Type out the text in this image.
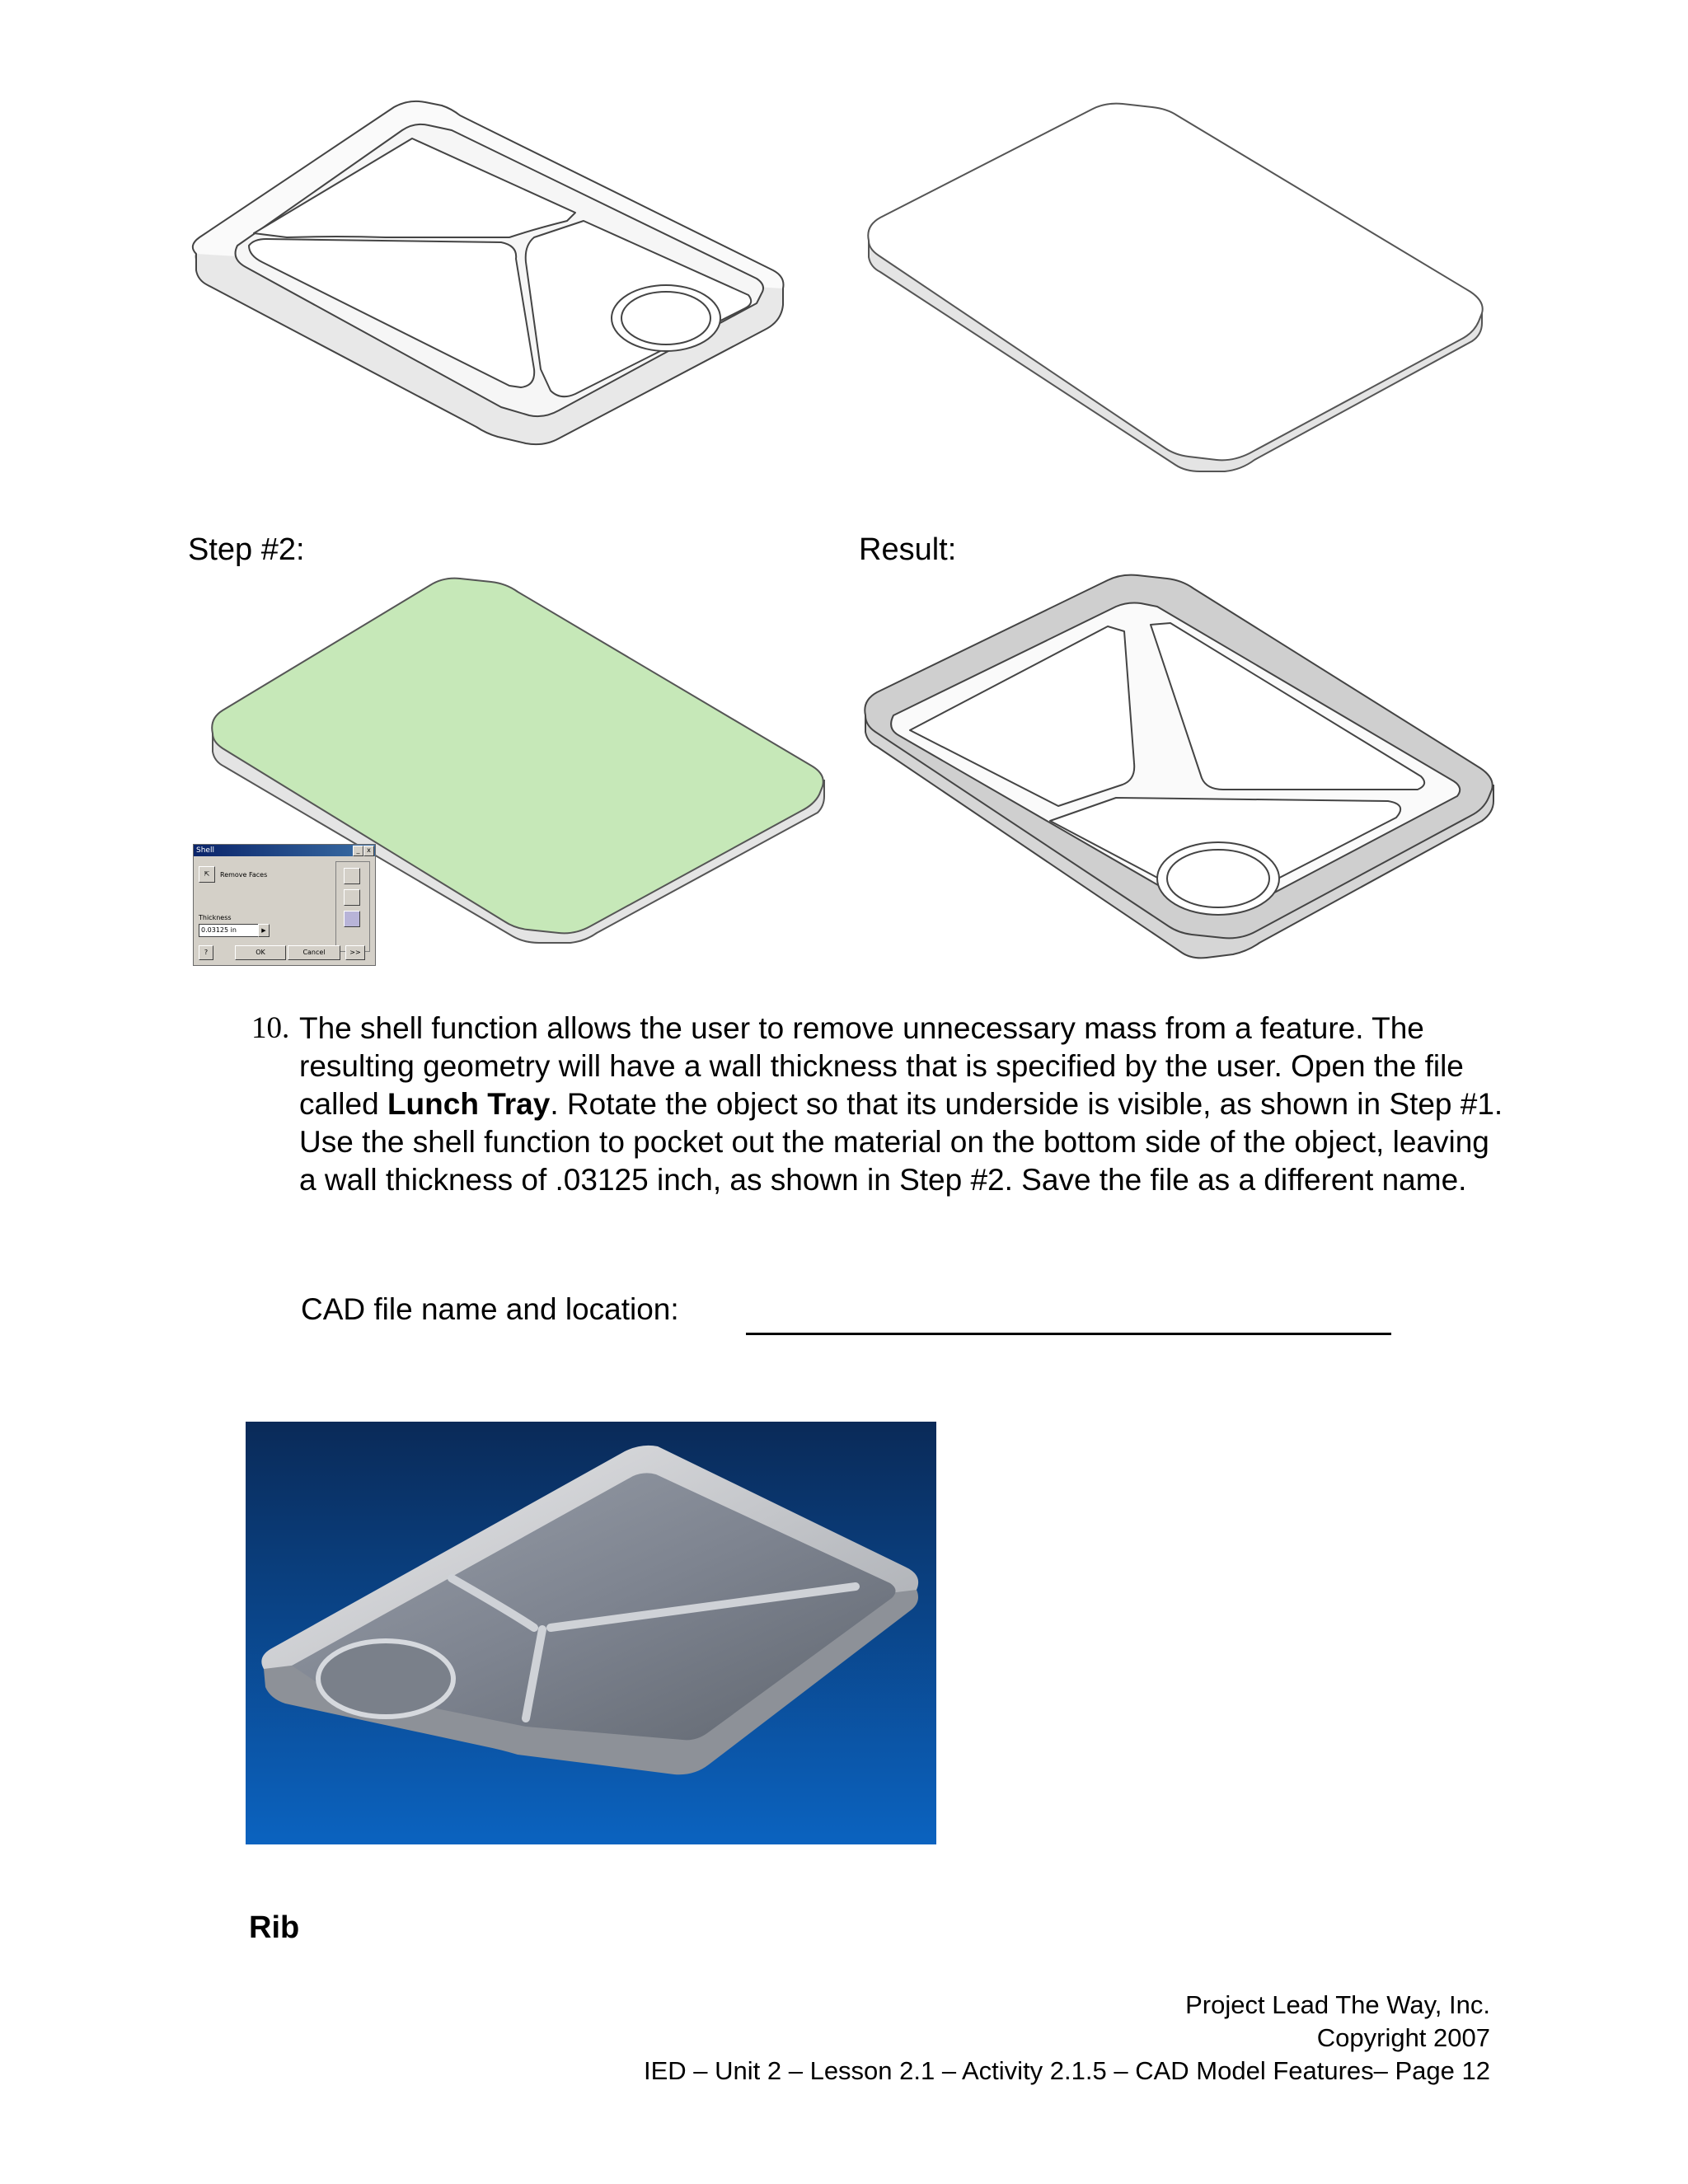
Step #2:	Result:
Shell	_	x
⇱	Remove Faces
Thickness
0.03125 in	▶
?	OK	Cancel	>>
10. The shell function allows the user to remove unnecessary mass from a feature. The resulting geometry will have a wall thickness that is specified by the user. Open the file called Lunch Tray. Rotate the object so that its underside is visible, as shown in Step #1. Use the shell function to pocket out the material on the bottom side of the object, leaving a wall thickness of .03125 inch, as shown in Step #2. Save the file as a different name.
CAD file name and location:
Rib
Project Lead The Way, Inc.
Copyright 2007
IED – Unit 2 – Lesson 2.1 – Activity 2.1.5 – CAD Model Features– Page 12
